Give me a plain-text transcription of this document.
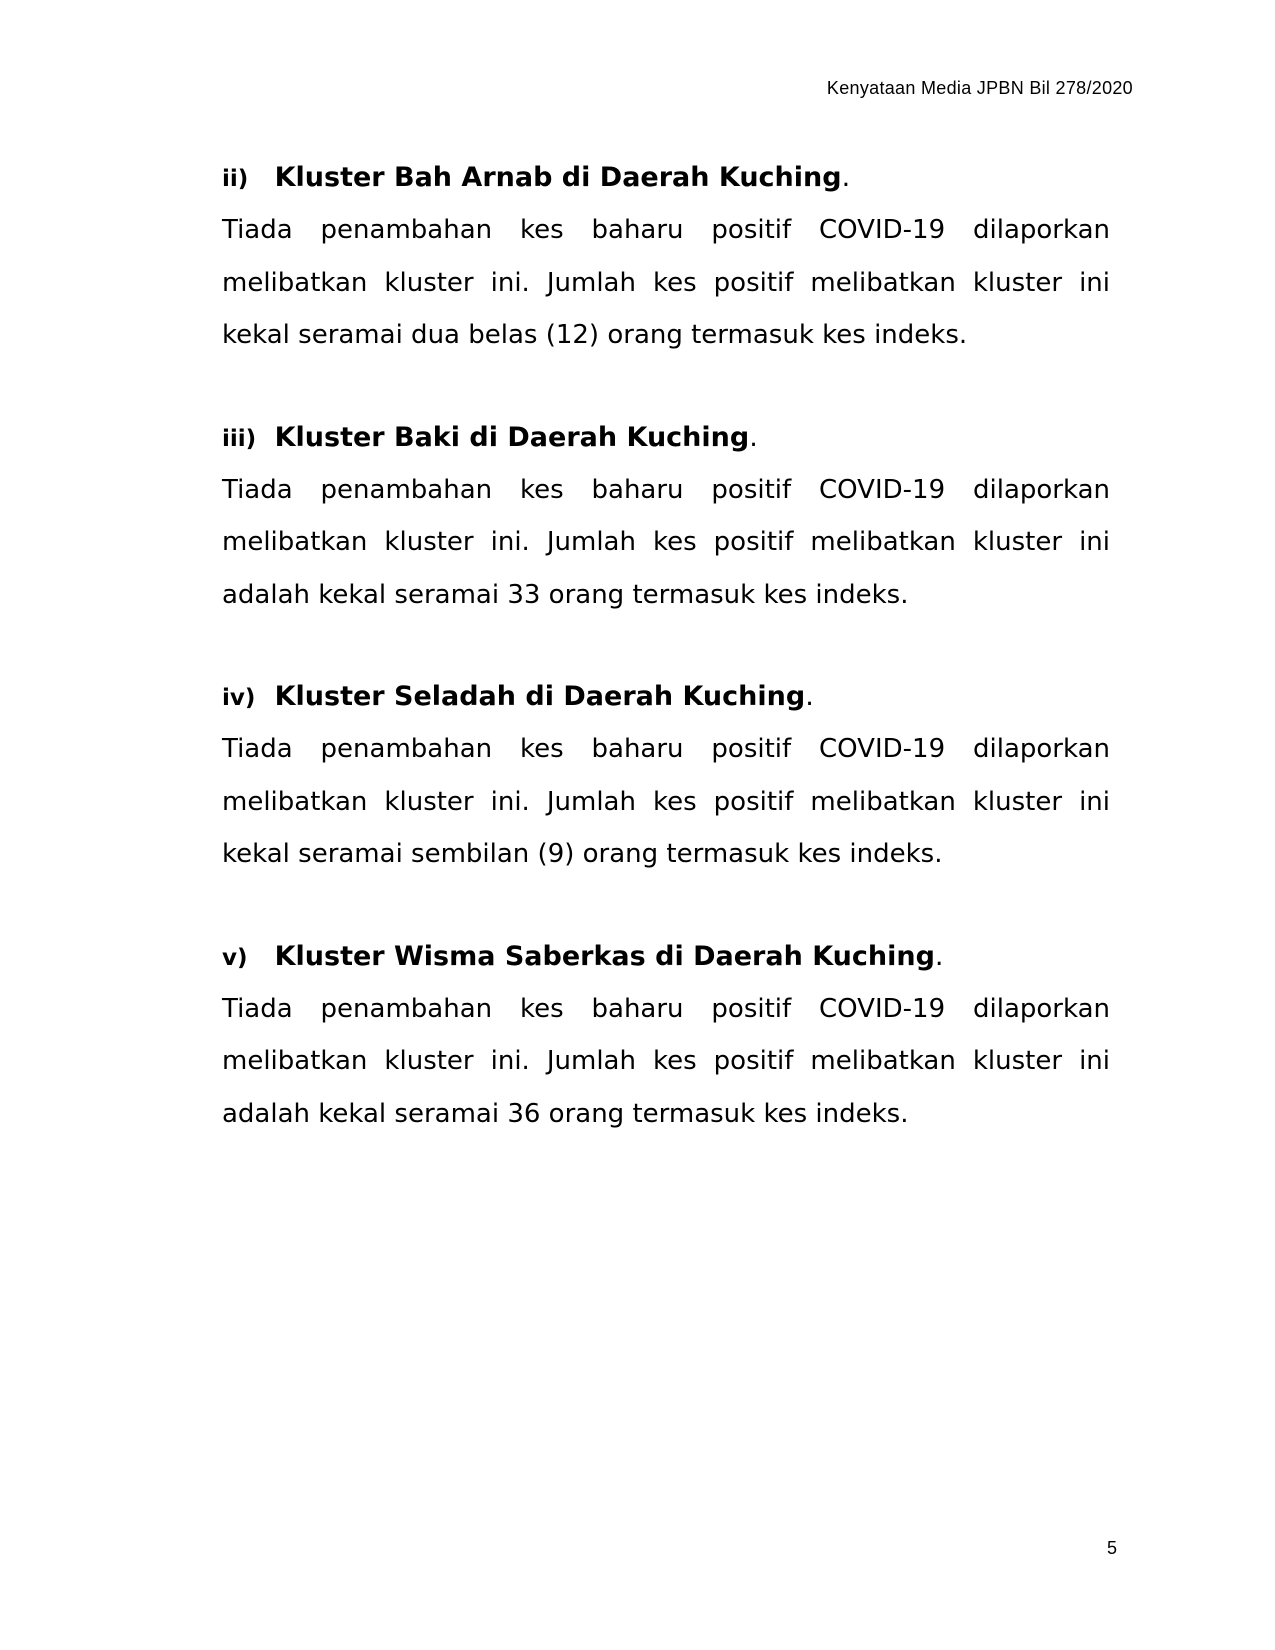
Kenyataan Media JPBN Bil 278/2020
ii) Kluster Bah Arnab di Daerah Kuching.
Tiada penambahan kes baharu positif COVID-19 dilaporkan melibatkan kluster ini. Jumlah kes positif melibatkan kluster ini kekal seramai dua belas (12) orang termasuk kes indeks.
iii) Kluster Baki di Daerah Kuching.
Tiada penambahan kes baharu positif COVID-19 dilaporkan melibatkan kluster ini. Jumlah kes positif melibatkan kluster ini adalah kekal seramai 33 orang termasuk kes indeks.
iv) Kluster Seladah di Daerah Kuching.
Tiada penambahan kes baharu positif COVID-19 dilaporkan melibatkan kluster ini. Jumlah kes positif melibatkan kluster ini kekal seramai sembilan (9) orang termasuk kes indeks.
v) Kluster Wisma Saberkas di Daerah Kuching.
Tiada penambahan kes baharu positif COVID-19 dilaporkan melibatkan kluster ini. Jumlah kes positif melibatkan kluster ini adalah kekal seramai 36 orang termasuk kes indeks.
5
